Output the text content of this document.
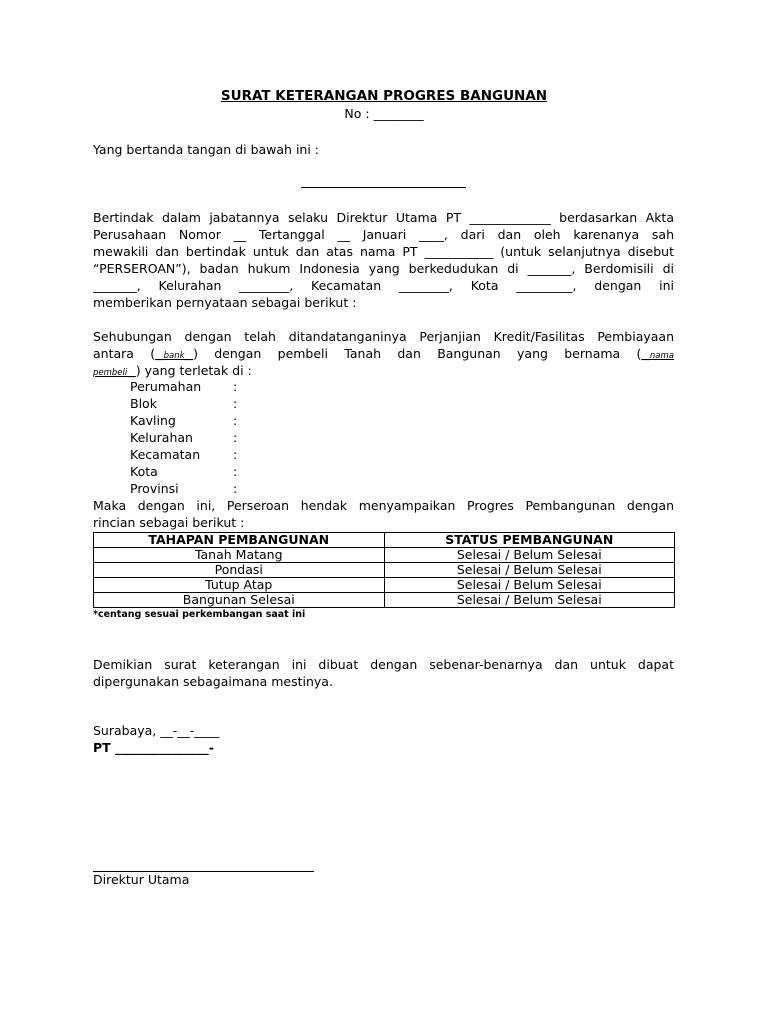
SURAT KETERANGAN PROGRES BANGUNAN
No : ________
Yang bertanda tangan di bawah ini :
Bertindak dalam jabatannya selaku Direktur Utama PT _____________ berdasarkan Akta
Perusahaan Nomor __ Tertanggal __ Januari ____, dari dan oleh karenanya sah
mewakili dan bertindak untuk dan atas nama PT ___________ (untuk selanjutnya disebut
“PERSEROAN”), badan hukum Indonesia yang berkedudukan di _______, Berdomisili di
_______, Kelurahan ________, Kecamatan ________, Kota _________, dengan ini
memberikan pernyataan sebagai berikut :
Sehubungan dengan telah ditandatanganinya Perjanjian Kredit/Fasilitas Pembiayaan
antara (__bank__) dengan pembeli Tanah dan Bangunan yang bernama (__nama
pembeli__) yang terletak di :
Perumahan	:
Blok	:
Kavling	:
Kelurahan	:
Kecamatan	:
Kota	:
Provinsi	:
Maka dengan ini, Perseroan hendak menyampaikan Progres Pembangunan dengan
rincian sebagai berikut :
TAHAPAN PEMBANGUNAN	STATUS PEMBANGUNAN
Tanah Matang	Selesai / Belum Selesai
Pondasi	Selesai / Belum Selesai
Tutup Atap	Selesai / Belum Selesai
Bangunan Selesai	Selesai / Belum Selesai
*centang sesuai perkembangan saat ini
Demikian surat keterangan ini dibuat dengan sebenar-benarnya dan untuk dapat
dipergunakan sebagaimana mestinya.
Surabaya, __-__-____
PT _______________-
Direktur Utama
